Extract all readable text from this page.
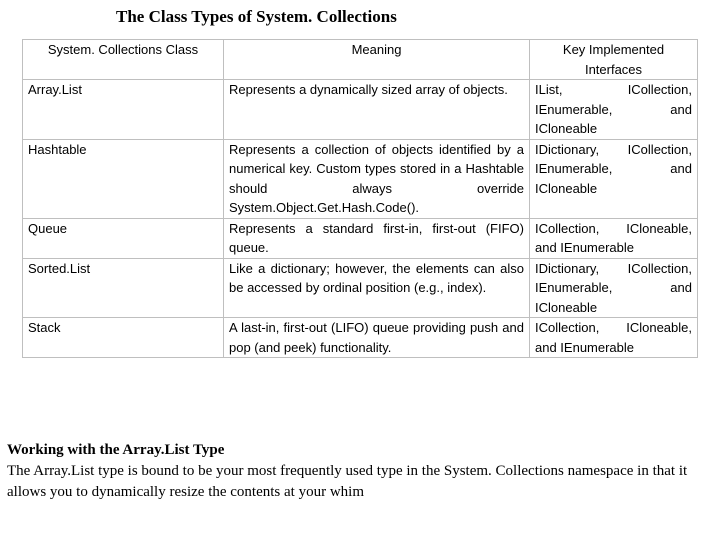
The Class Types of System. Collections
System. Collections Class	Meaning	Key Implemented Interfaces
Array.List	Represents a dynamically sized array of objects.	IList, ICollection, IEnumerable, and ICloneable
Hashtable	Represents a collection of objects identified by a numerical key. Custom types stored in a Hashtable should always override System.Object.Get.Hash.Code().	IDictionary, ICollection, IEnumerable, and ICloneable
Queue	Represents a standard first-in, first-out (FIFO) queue.	ICollection, ICloneable, and IEnumerable
Sorted.List	Like a dictionary; however, the elements can also be accessed by ordinal position (e.g., index).	IDictionary, ICollection, IEnumerable, and ICloneable
Stack	A last-in, first-out (LIFO) queue providing push and pop (and peek) functionality.	ICollection, ICloneable, and IEnumerable
Working with the Array.List Type
The Array.List type is bound to be your most frequently used type in the System. Collections namespace in that it allows you to dynamically resize the contents at your whim
